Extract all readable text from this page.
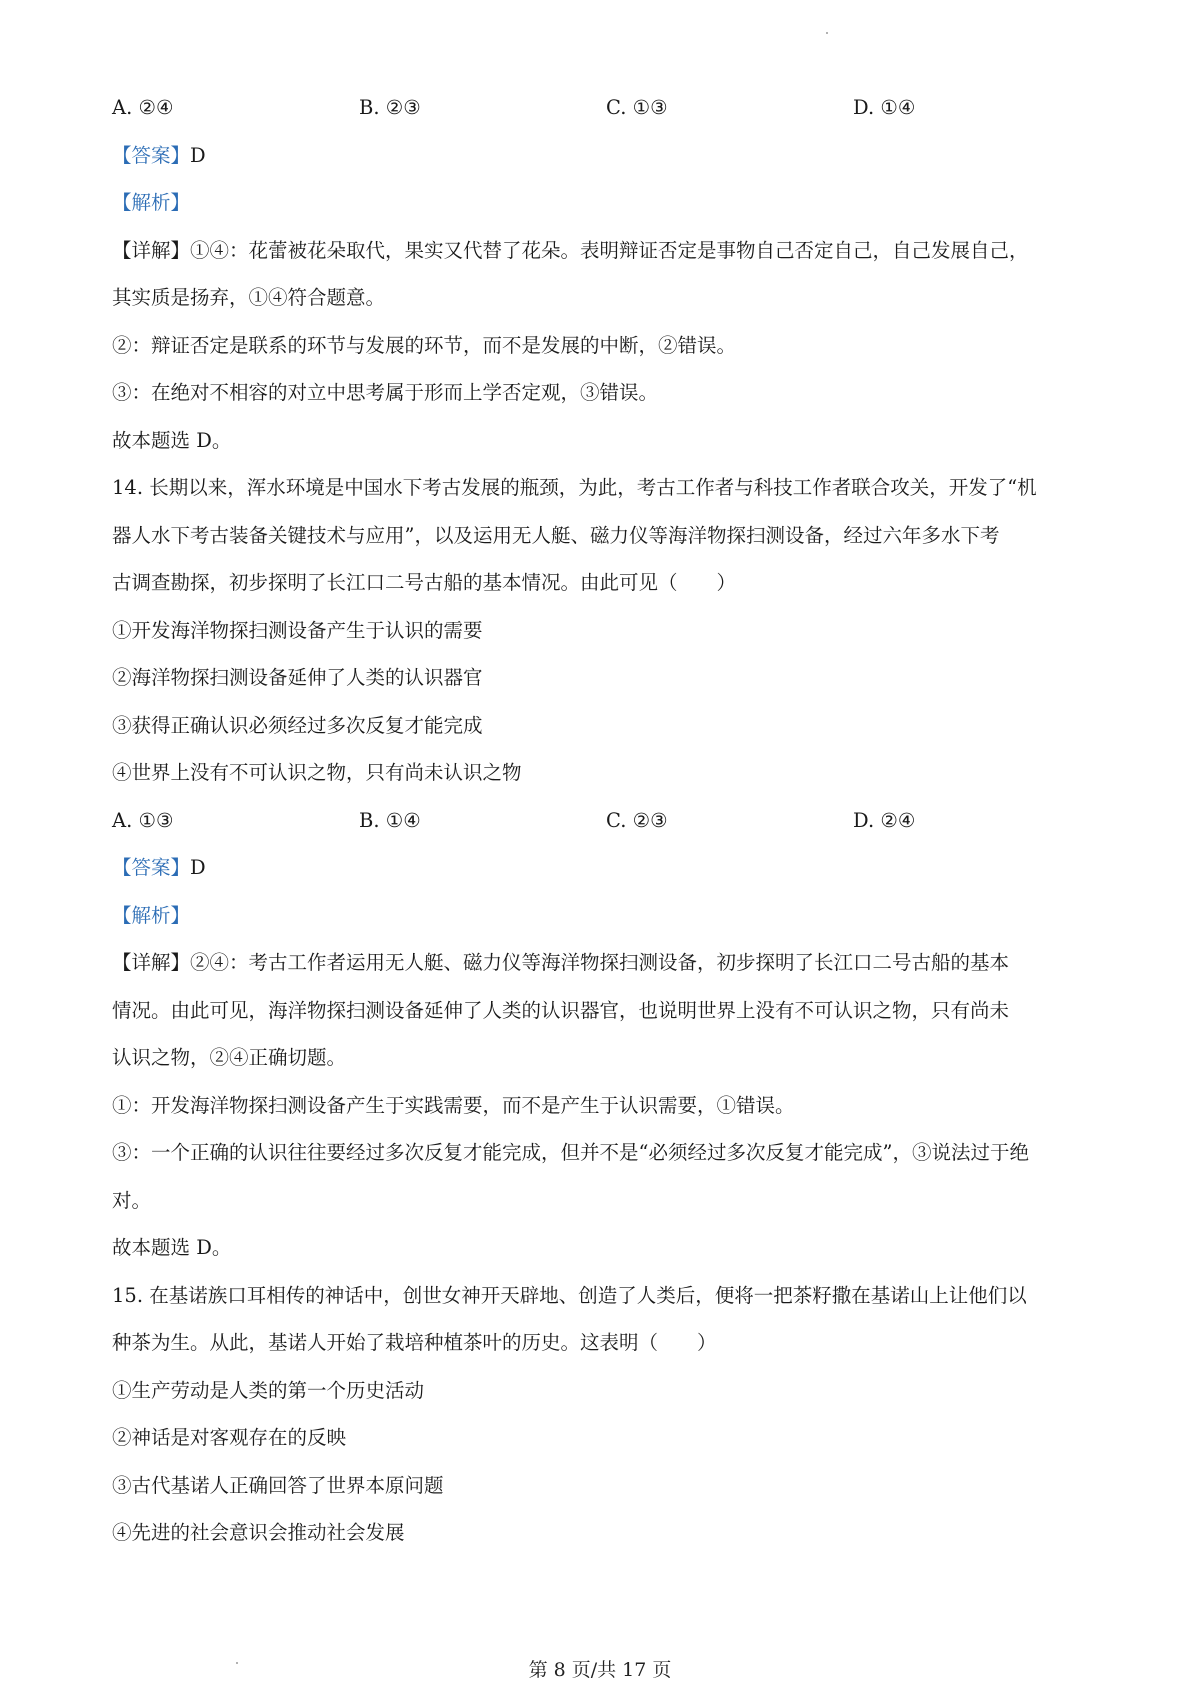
A. ②④	B. ②③	C. ①③	D. ①④
【答案】D
【解析】
【详解】①④：花蕾被花朵取代，果实又代替了花朵。表明辩证否定是事物自己否定自己，自己发展自己，
其实质是扬弃，①④符合题意。
②：辩证否定是联系的环节与发展的环节，而不是发展的中断，②错误。
③：在绝对不相容的对立中思考属于形而上学否定观，③错误。
故本题选 D。
14. 长期以来，浑水环境是中国水下考古发展的瓶颈，为此，考古工作者与科技工作者联合攻关，开发了“机
器人水下考古装备关键技术与应用”，以及运用无人艇、磁力仪等海洋物探扫测设备，经过六年多水下考
古调查勘探，初步探明了长江口二号古船的基本情况。由此可见（　　）
①开发海洋物探扫测设备产生于认识的需要
②海洋物探扫测设备延伸了人类的认识器官
③获得正确认识必须经过多次反复才能完成
④世界上没有不可认识之物，只有尚未认识之物
A. ①③	B. ①④	C. ②③	D. ②④
【答案】D
【解析】
【详解】②④：考古工作者运用无人艇、磁力仪等海洋物探扫测设备，初步探明了长江口二号古船的基本
情况。由此可见，海洋物探扫测设备延伸了人类的认识器官，也说明世界上没有不可认识之物，只有尚未
认识之物，②④正确切题。
①：开发海洋物探扫测设备产生于实践需要，而不是产生于认识需要，①错误。
③：一个正确的认识往往要经过多次反复才能完成，但并不是“必须经过多次反复才能完成”，③说法过于绝
对。
故本题选 D。
15. 在基诺族口耳相传的神话中，创世女神开天辟地、创造了人类后，便将一把茶籽撒在基诺山上让他们以
种茶为生。从此，基诺人开始了栽培种植茶叶的历史。这表明（　　）
①生产劳动是人类的第一个历史活动
②神话是对客观存在的反映
③古代基诺人正确回答了世界本原问题
④先进的社会意识会推动社会发展
第 8 页/共 17 页
